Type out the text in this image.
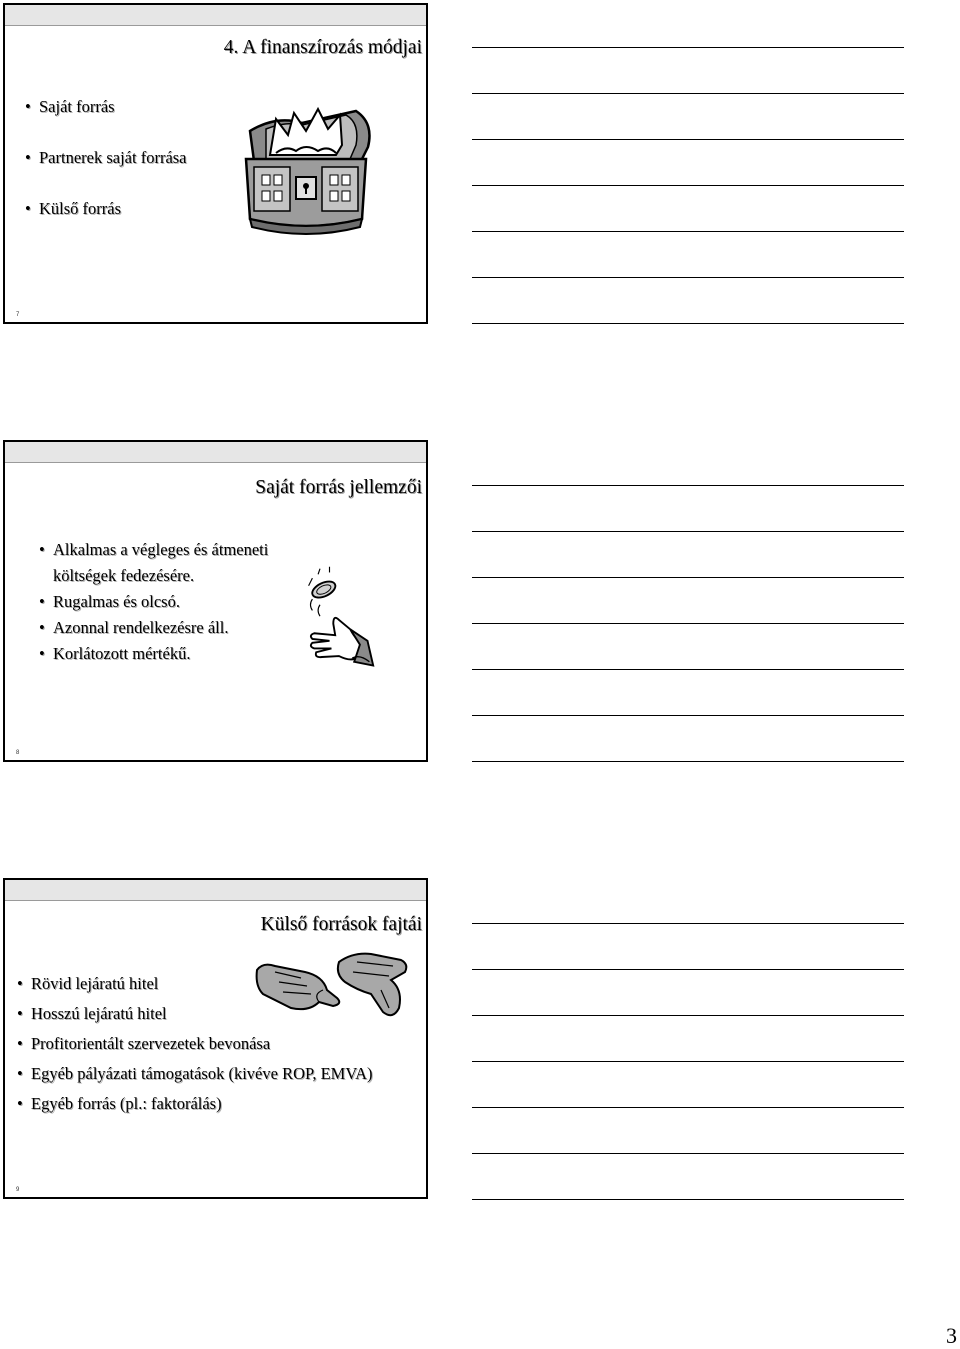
4. A finanszírozás módjai
• Saját forrás
• Partnerek saját forrása
• Külső forrás
7
Saját forrás jellemzői
• Alkalmas a végleges és átmeneti
költségek fedezésére.
• Rugalmas és olcsó.
• Azonnal rendelkezésre áll.
• Korlátozott mértékű.
8
Külső források fajtái
• Rövid lejáratú hitel
• Hosszú lejáratú hitel
• Profitorientált szervezetek bevonása
• Egyéb pályázati támogatások (kivéve ROP, EMVA)
• Egyéb forrás (pl.: faktorálás)
9
3
